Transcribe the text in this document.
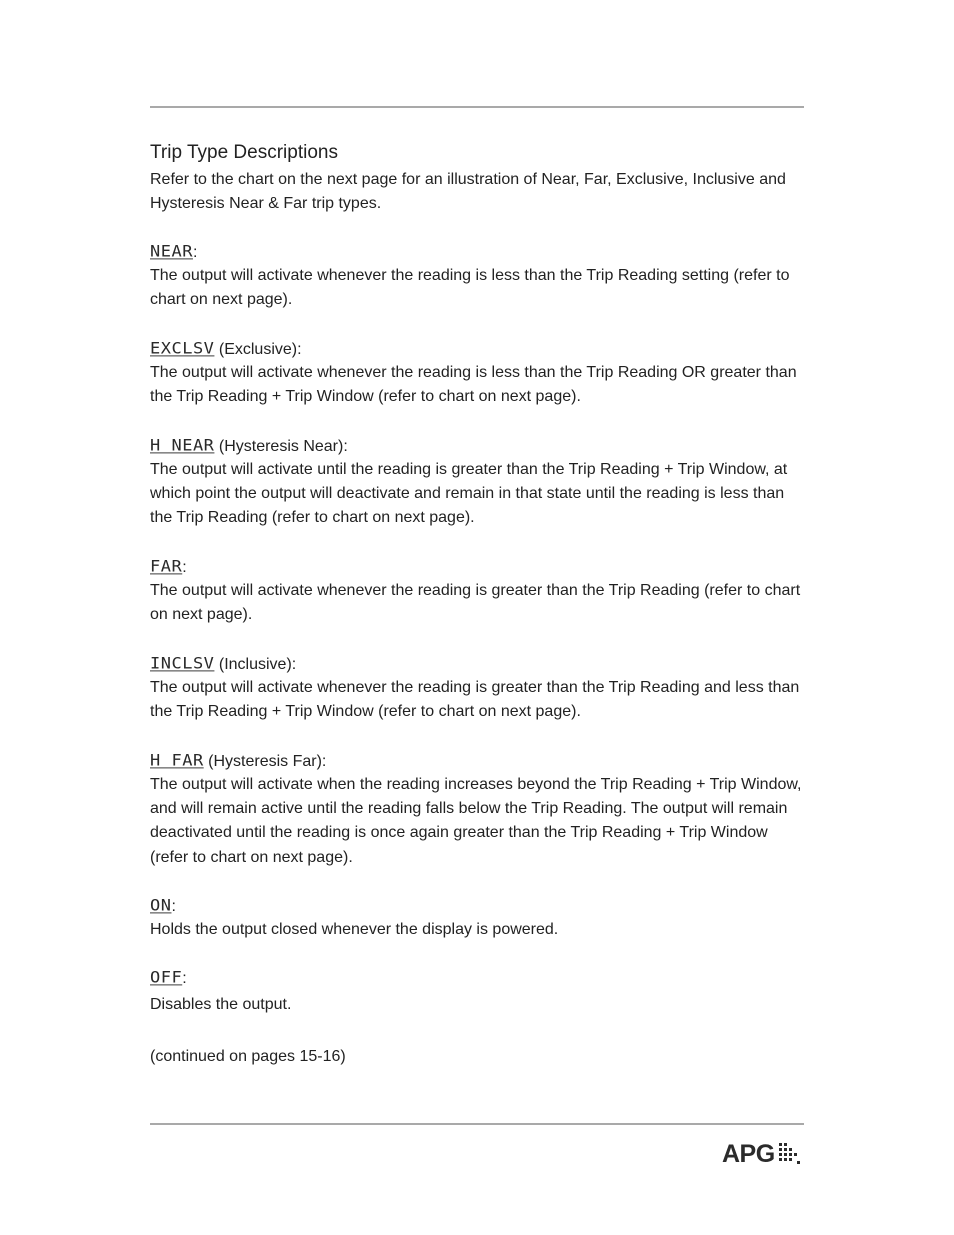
Trip Type Descriptions

Refer to the chart on the next page for an illustration of Near, Far, Exclusive, Inclusive and Hysteresis Near & Far trip types.

NEAR:

The output will activate whenever the reading is less than the Trip Reading setting (refer to chart on next page).

EXCLSV (Exclusive):

The output will activate whenever the reading is less than the Trip Reading OR greater than the Trip Reading + Trip Window (refer to chart on next page).

H NEAR (Hysteresis Near):

The output will activate until the reading is greater than the Trip Reading + Trip Window, at which point the output will deactivate and remain in that state until the reading is less than the Trip Reading (refer to chart on next page).

FAR:

The output will activate whenever the reading is greater than the Trip Reading (refer to chart on next page).

INCLSV (Inclusive):

The output will activate whenever the reading is greater than the Trip Reading and less than the Trip Reading + Trip Window (refer to chart on next page).

H FAR (Hysteresis Far):

The output will activate when the reading increases beyond the Trip Reading + Trip Window, and will remain active until the reading falls below the Trip Reading. The output will remain deactivated until the reading is once again greater than the Trip Reading + Trip Window (refer to chart on next page).

ON:

Holds the output closed whenever the display is powered.

OFF:

Disables the output.

(continued on pages 15-16)
APG
